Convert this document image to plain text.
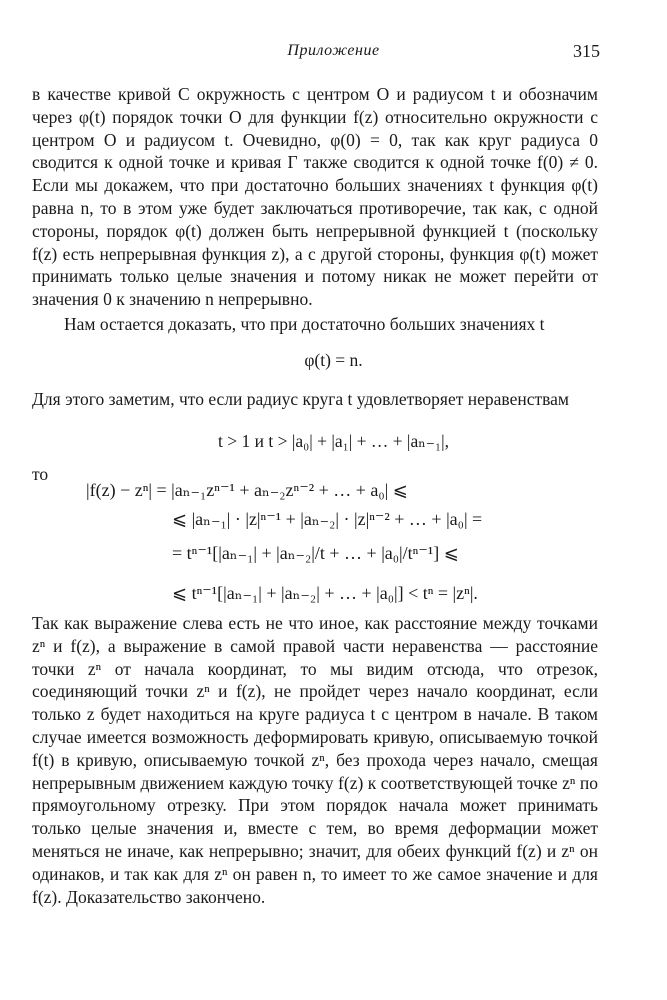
Приложение	315

в качестве кривой C окружность с центром O и радиусом t и обозначим через φ(t) порядок точки O для функции f(z) относительно окружности с центром O и радиусом t. Очевидно, φ(0) = 0, так как круг радиуса 0 сводится к одной точке и кривая Γ также сводится к одной точке f(0) ≠ 0. Если мы докажем, что при достаточно больших значениях t функция φ(t) равна n, то в этом уже будет заключаться противоречие, так как, с одной стороны, порядок φ(t) должен быть непрерывной функцией t (поскольку f(z) есть непрерывная функция z), а с другой стороны, функция φ(t) может принимать только целые значения и потому никак не может перейти от значения 0 к значению n непрерывно.

Нам остается доказать, что при достаточно больших значениях t

φ(t) = n.

Для этого заметим, что если радиус круга t удовлетворяет неравенствам

t > 1 и t > |a₀| + |a₁| + … + |aₙ₋₁|,
то
|f(z) − zⁿ| = |aₙ₋₁zⁿ⁻¹ + aₙ₋₂zⁿ⁻² + … + a₀| ⩽
⩽ |aₙ₋₁| · |z|ⁿ⁻¹ + |aₙ₋₂| · |z|ⁿ⁻² + … + |a₀| =
= tⁿ⁻¹[|aₙ₋₁| + |aₙ₋₂|/t + … + |a₀|/tⁿ⁻¹] ⩽
⩽ tⁿ⁻¹[|aₙ₋₁| + |aₙ₋₂| + … + |a₀|] < tⁿ = |zⁿ|.

Так как выражение слева есть не что иное, как расстояние между точками zⁿ и f(z), а выражение в самой правой части неравенства — расстояние точки zⁿ от начала координат, то мы видим отсюда, что отрезок, соединяющий точки zⁿ и f(z), не пройдет через начало координат, если только z будет находиться на круге радиуса t с центром в начале. В таком случае имеется возможность деформировать кривую, описываемую точкой f(t) в кривую, описываемую точкой zⁿ, без прохода через начало, смещая непрерывным движением каждую точку f(z) к соответствующей точке zⁿ по прямоугольному отрезку. При этом порядок начала может принимать только целые значения и, вместе с тем, во время деформации может меняться не иначе, как непрерывно; значит, для обеих функций f(z) и zⁿ он одинаков, и так как для zⁿ он равен n, то имеет то же самое значение и для f(z). Доказательство закончено.
